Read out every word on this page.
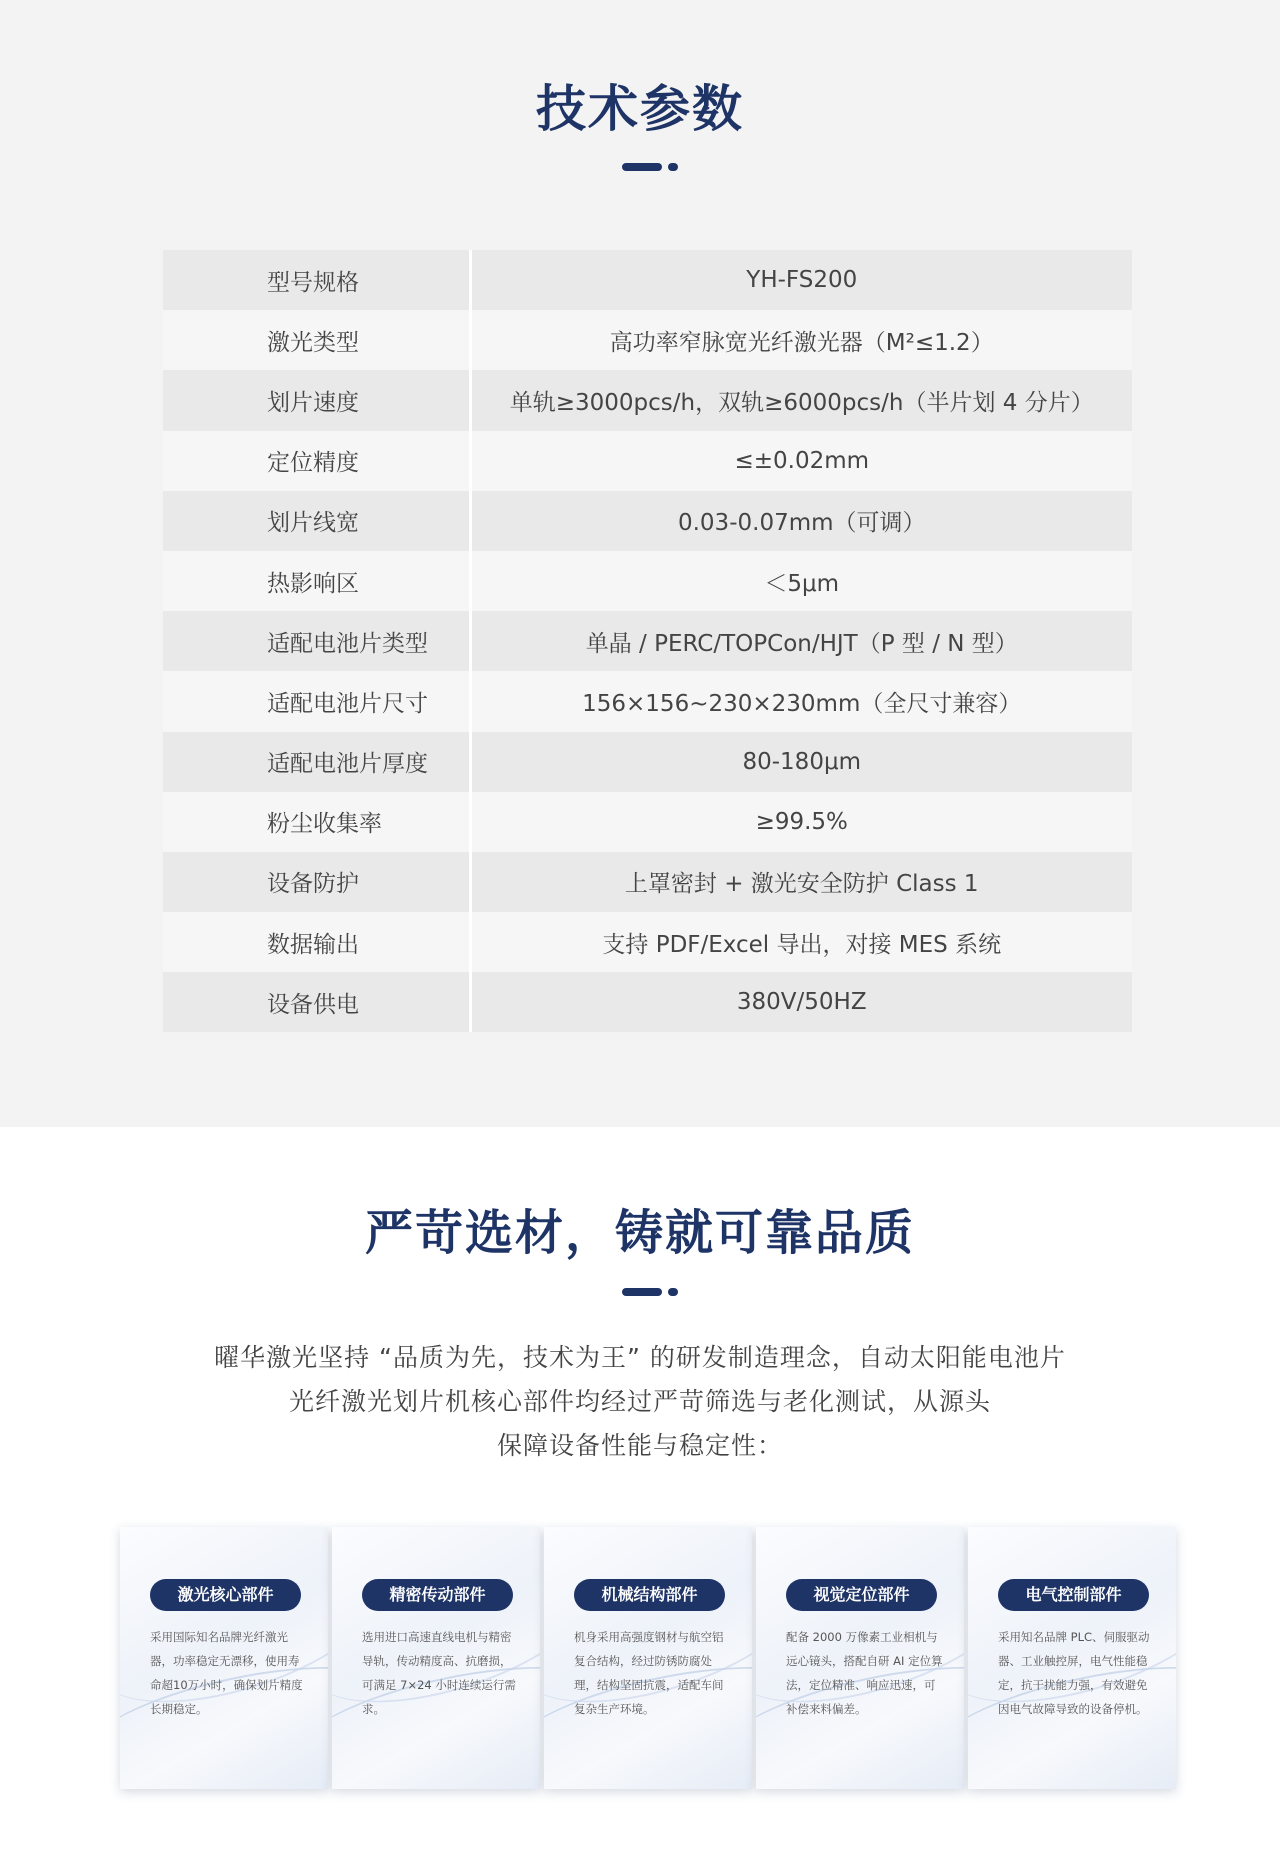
技术参数
型号规格	YH-FS200
激光类型	高功率窄脉宽光纤激光器（M²≤1.2）
划片速度	单轨≥3000pcs/h，双轨≥6000pcs/h（半片划 4 分片）
定位精度	≤±0.02mm
划片线宽	0.03-0.07mm（可调）
热影响区	＜5μm
适配电池片类型	单晶 / PERC/TOPCon/HJT（P 型 / N 型）
适配电池片尺寸	156×156~230×230mm（全尺寸兼容）
适配电池片厚度	80-180μm
粉尘收集率	≥99.5%
设备防护	上罩密封 + 激光安全防护 Class 1
数据输出	支持 PDF/Excel 导出，对接 MES 系统
设备供电	380V/50HZ
严苛选材，铸就可靠品质

曜华激光坚持 “品质为先，技术为王” 的研发制造理念，自动太阳能电池片

光纤激光划片机核心部件均经过严苛筛选与老化测试，从源头

保障设备性能与稳定性：

激光核心部件
采用国际知名品牌光纤激光器，功率稳定无漂移，使用寿命超10万小时，确保划片精度长期稳定。
精密传动部件
选用进口高速直线电机与精密导轨，传动精度高、抗磨损，可满足 7×24 小时连续运行需求。
机械结构部件
机身采用高强度钢材与航空铝复合结构，经过防锈防腐处理，结构坚固抗震，适配车间复杂生产环境。
视觉定位部件
配备 2000 万像素工业相机与远心镜头，搭配自研 AI 定位算法，定位精准、响应迅速，可补偿来料偏差。
电气控制部件
采用知名品牌 PLC、伺服驱动器、工业触控屏，电气性能稳定，抗干扰能力强，有效避免因电气故障导致的设备停机。
